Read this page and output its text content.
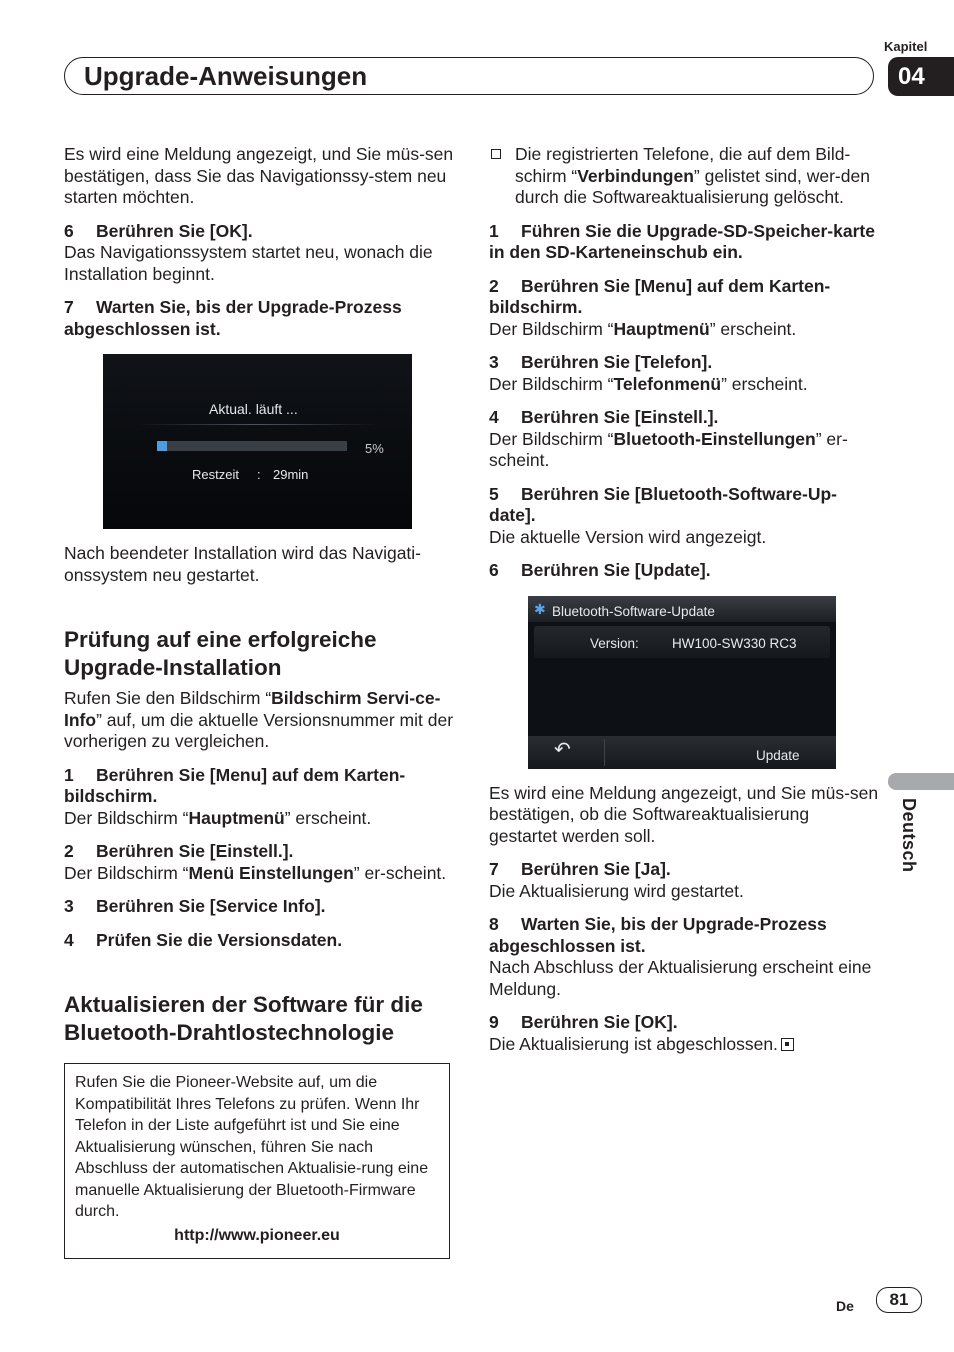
Upgrade-Anweisungen
Kapitel
04

Es wird eine Meldung angezeigt, und Sie müs-sen bestätigen, dass Sie das Navigationssy-stem neu starten möchten.

6 Berühren Sie [OK].

Das Navigationssystem startet neu, wonach die Installation beginnt.

7 Warten Sie, bis der Upgrade-Prozess abgeschlossen ist.

Aktual. läuft ...
5%
Restzeit : 29min

Nach beendeter Installation wird das Navigati-onssystem neu gestartet.

Prüfung auf eine erfolgreiche Upgrade-Installation

Rufen Sie den Bildschirm “Bildschirm Servi-ce-Info” auf, um die aktuelle Versionsnummer mit der vorherigen zu vergleichen.

1 Berühren Sie [Menu] auf dem Karten-bildschirm.

Der Bildschirm “Hauptmenü” erscheint.

2 Berühren Sie [Einstell.].

Der Bildschirm “Menü Einstellungen” er-scheint.

3 Berühren Sie [Service Info].

4 Prüfen Sie die Versionsdaten.

Aktualisieren der Software für die Bluetooth-Drahtlostechnologie

Rufen Sie die Pioneer-Website auf, um die Kompatibilität Ihres Telefons zu prüfen. Wenn Ihr Telefon in der Liste aufgeführt ist und Sie eine Aktualisierung wünschen, führen Sie nach Abschluss der automatischen Aktualisie-rung eine manuelle Aktualisierung der Bluetooth-Firmware durch.

http://www.pioneer.eu

Die registrierten Telefone, die auf dem Bild-schirm “Verbindungen” gelistet sind, wer-den durch die Softwareaktualisierung gelöscht.

1 Führen Sie die Upgrade-SD-Speicher-karte in den SD-Karteneinschub ein.

2 Berühren Sie [Menu] auf dem Karten-bildschirm.

Der Bildschirm “Hauptmenü” erscheint.

3 Berühren Sie [Telefon].

Der Bildschirm “Telefonmenü” erscheint.

4 Berühren Sie [Einstell.].

Der Bildschirm “Bluetooth-Einstellungen” er-scheint.

5 Berühren Sie [Bluetooth-Software-Up-date].

Die aktuelle Version wird angezeigt.

6 Berühren Sie [Update].

✱ Bluetooth-Software-Update
Version: HW100-SW330 RC3
↶	Update

Es wird eine Meldung angezeigt, und Sie müs-sen bestätigen, ob die Softwareaktualisierung gestartet werden soll.

7 Berühren Sie [Ja].

Die Aktualisierung wird gestartet.

8 Warten Sie, bis der Upgrade-Prozess abgeschlossen ist.

Nach Abschluss der Aktualisierung erscheint eine Meldung.

9 Berühren Sie [OK].

Die Aktualisierung ist abgeschlossen.

Deutsch
De	81
